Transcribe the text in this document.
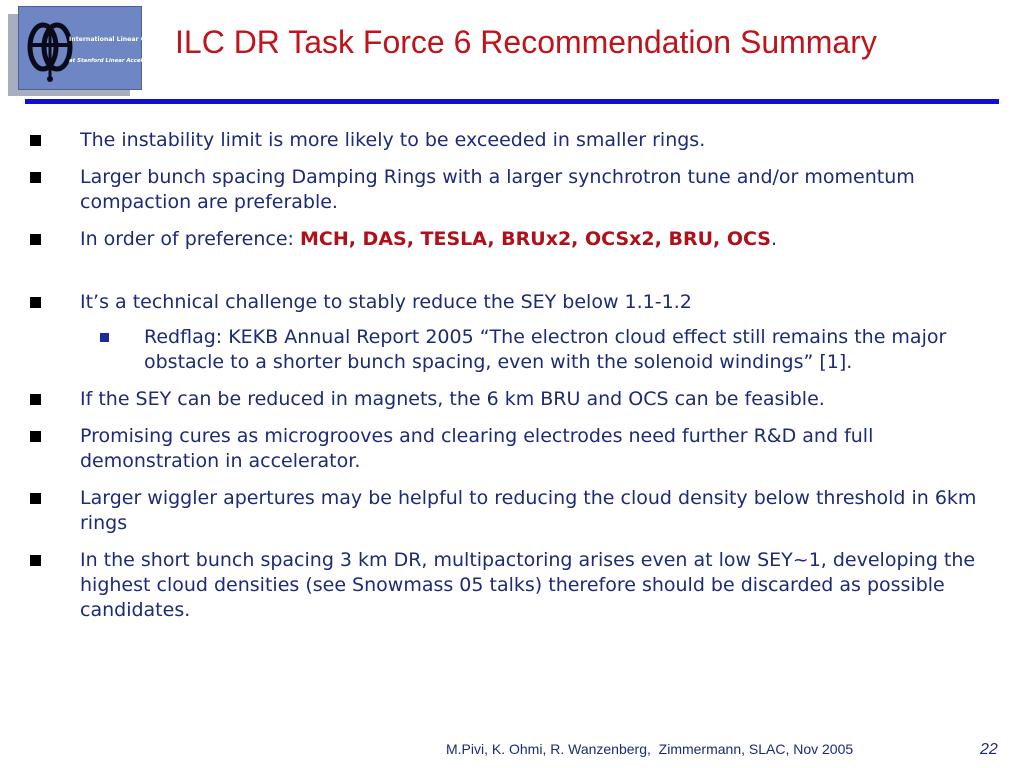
International Linear Collider
at Stanford Linear Accelerator Center
ILC DR Task Force 6 Recommendation Summary
The instability limit is more likely to be exceeded in smaller rings.
Larger bunch spacing Damping Rings with a larger synchrotron tune and/or momentum compaction are preferable.
In order of preference: MCH, DAS, TESLA, BRUx2, OCSx2, BRU, OCS.
It’s a technical challenge to stably reduce the SEY below 1.1-1.2
Redflag: KEKB Annual Report 2005 “The electron cloud effect still remains the major obstacle to a shorter bunch spacing, even with the solenoid windings” [1].
If the SEY can be reduced in magnets, the 6 km BRU and OCS can be feasible.
Promising cures as microgrooves and clearing electrodes need further R&D and full demonstration in accelerator.
Larger wiggler apertures may be helpful to reducing the cloud density below threshold in 6km rings
In the short bunch spacing 3 km DR, multipactoring arises even at low SEY~1, developing the highest cloud densities (see Snowmass 05 talks) therefore should be discarded as possible candidates.
M.Pivi, K. Ohmi, R. Wanzenberg,  Zimmermann, SLAC, Nov 2005	22
